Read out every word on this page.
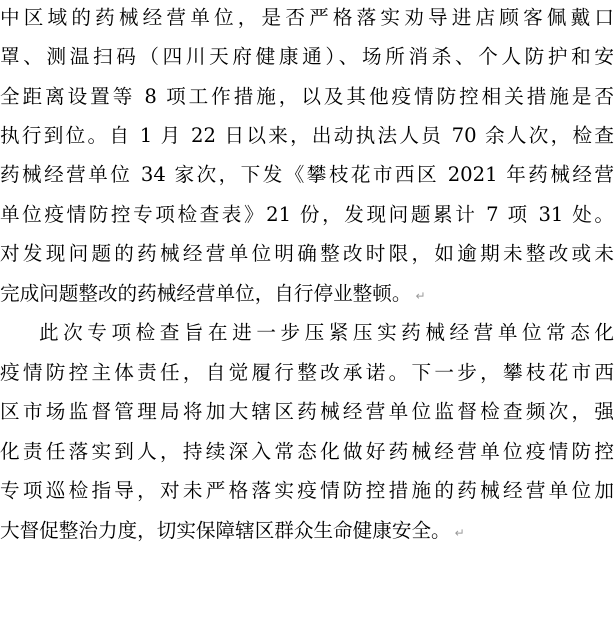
中区域的药械经营单位，是否严格落实劝导进店顾客佩戴口
罩、测温扫码（四川天府健康通）、场所消杀、个人防护和安
全距离设置等 8 项工作措施，以及其他疫情防控相关措施是否
执行到位。自 1 月 22 日以来，出动执法人员 70 余人次，检查
药械经营单位 34 家次，下发《攀枝花市西区 2021 年药械经营
单位疫情防控专项检查表》21 份，发现问题累计 7 项 31 处。
对发现问题的药械经营单位明确整改时限，如逾期未整改或未
完成问题整改的药械经营单位，自行停业整顿。 ↵
此次专项检查旨在进一步压紧压实药械经营单位常态化
疫情防控主体责任，自觉履行整改承诺。下一步，攀枝花市西
区市场监督管理局将加大辖区药械经营单位监督检查频次，强
化责任落实到人，持续深入常态化做好药械经营单位疫情防控
专项巡检指导，对未严格落实疫情防控措施的药械经营单位加
大督促整治力度，切实保障辖区群众生命健康安全。 ↵
